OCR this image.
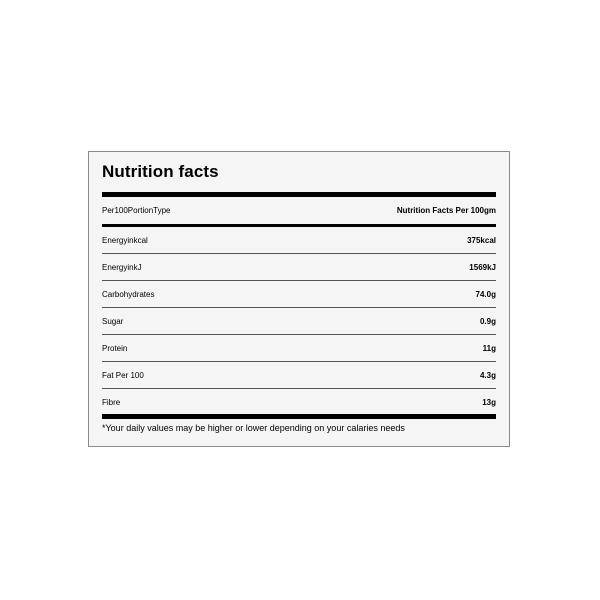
Nutrition facts
Per100PortionType	Nutrition Facts Per 100gm
Energyinkcal	375kcal
EnergyinkJ	1569kJ
Carbohydrates	74.0g
Sugar	0.9g
Protein	11g
Fat Per 100	4.3g
Fibre	13g
*Your daily values may be higher or lower depending on your calaries needs
